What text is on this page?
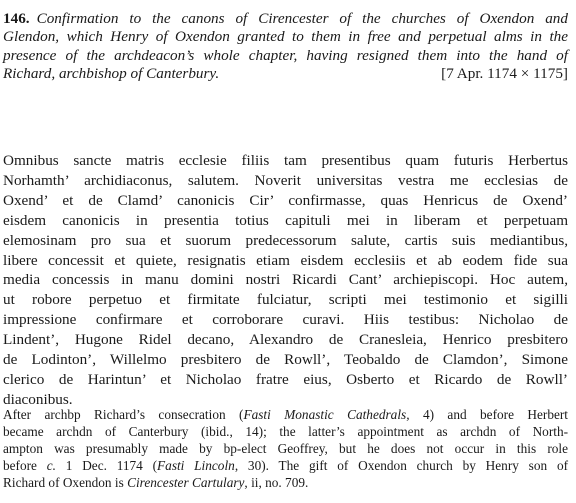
146. Confirmation to the canons of Cirencester of the churches of Oxendon and
Glendon, which Henry of Oxendon granted to them in free and perpetual alms in the
presence of the archdeacon’s whole chapter, having resigned them into the hand of
Richard, archbishop of Canterbury.	[7 Apr. 1174 × 1175]
Omnibus sancte matris ecclesie filiis tam presentibus quam futuris Herbertus
Norhamth’ archidiaconus, salutem. Noverit universitas vestra me ecclesias de
Oxend’ et de Clamd’ canonicis Cir’ confirmasse, quas Henricus de Oxend’
eisdem canonicis in presentia totius capituli mei in liberam et perpetuam
elemosinam pro sua et suorum predecessorum salute, cartis suis mediantibus,
libere concessit et quiete, resignatis etiam eisdem ecclesiis et ab eodem fide sua
media concessis in manu domini nostri Ricardi Cant’ archiepiscopi. Hoc autem,
ut robore perpetuo et firmitate fulciatur, scripti mei testimonio et sigilli
impressione confirmare et corroborare curavi. Hiis testibus: Nicholao de
Lindent’, Hugone Ridel decano, Alexandro de Cranesleia, Henrico presbitero
de Lodinton’, Willelmo presbitero de Rowll’, Teobaldo de Clamdon’, Simone
clerico de Harintun’ et Nicholao fratre eius, Osberto et Ricardo de Rowll’
diaconibus.
After archbp Richard’s consecration (Fasti Monastic Cathedrals, 4) and before Herbert
became archdn of Canterbury (ibid., 14); the latter’s appointment as archdn of North-
ampton was presumably made by bp-elect Geoffrey, but he does not occur in this role
before c. 1 Dec. 1174 (Fasti Lincoln, 30). The gift of Oxendon church by Henry son of
Richard of Oxendon is Cirencester Cartulary, ii, no. 709.
